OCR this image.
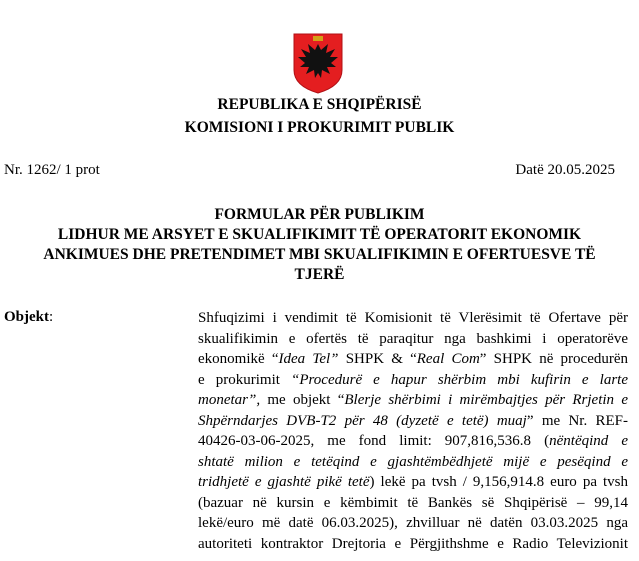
REPUBLIKA E SHQIPËRISË
KOMISIONI I PROKURIMIT PUBLIK
Nr. 1262/ 1 prot	Datë 20.05.2025
FORMULAR PËR PUBLIKIM
LIDHUR ME ARSYET E SKUALIFIKIMIT TË OPERATORIT EKONOMIK
ANKIMUES DHE PRETENDIMET MBI SKUALIFIKIMIN E OFERTUESVE TË
TJERË
Objekt:	Shfuqizimi i vendimit të Komisionit të Vlerësimit të Ofertave për
skualifikimin e ofertës të paraqitur nga bashkimi i operatorëve
ekonomikë “Idea Tel” SHPK & “Real Com” SHPK në procedurën
e prokurimit “Procedurë e hapur shërbim mbi kufirin e larte
monetar”, me objekt “Blerje shërbimi i mirëmbajtjes për Rrjetin e
Shpërndarjes DVB-T2 për 48 (dyzetë e tetë) muaj” me Nr. REF-
40426-03-06-2025, me fond limit: 907,816,536.8 (nëntëqind e
shtatë milion e tetëqind e gjashtëmbëdhjetë mijë e pesëqind e
tridhjetë e gjashtë pikë tetë) lekë pa tvsh / 9,156,914.8 euro pa tvsh
(bazuar në kursin e këmbimit të Bankës së Shqipërisë – 99,14
lekë/euro më datë 06.03.2025), zhvilluar në datën 03.03.2025 nga
autoriteti kontraktor Drejtoria e Përgjithshme e Radio Televizionit
